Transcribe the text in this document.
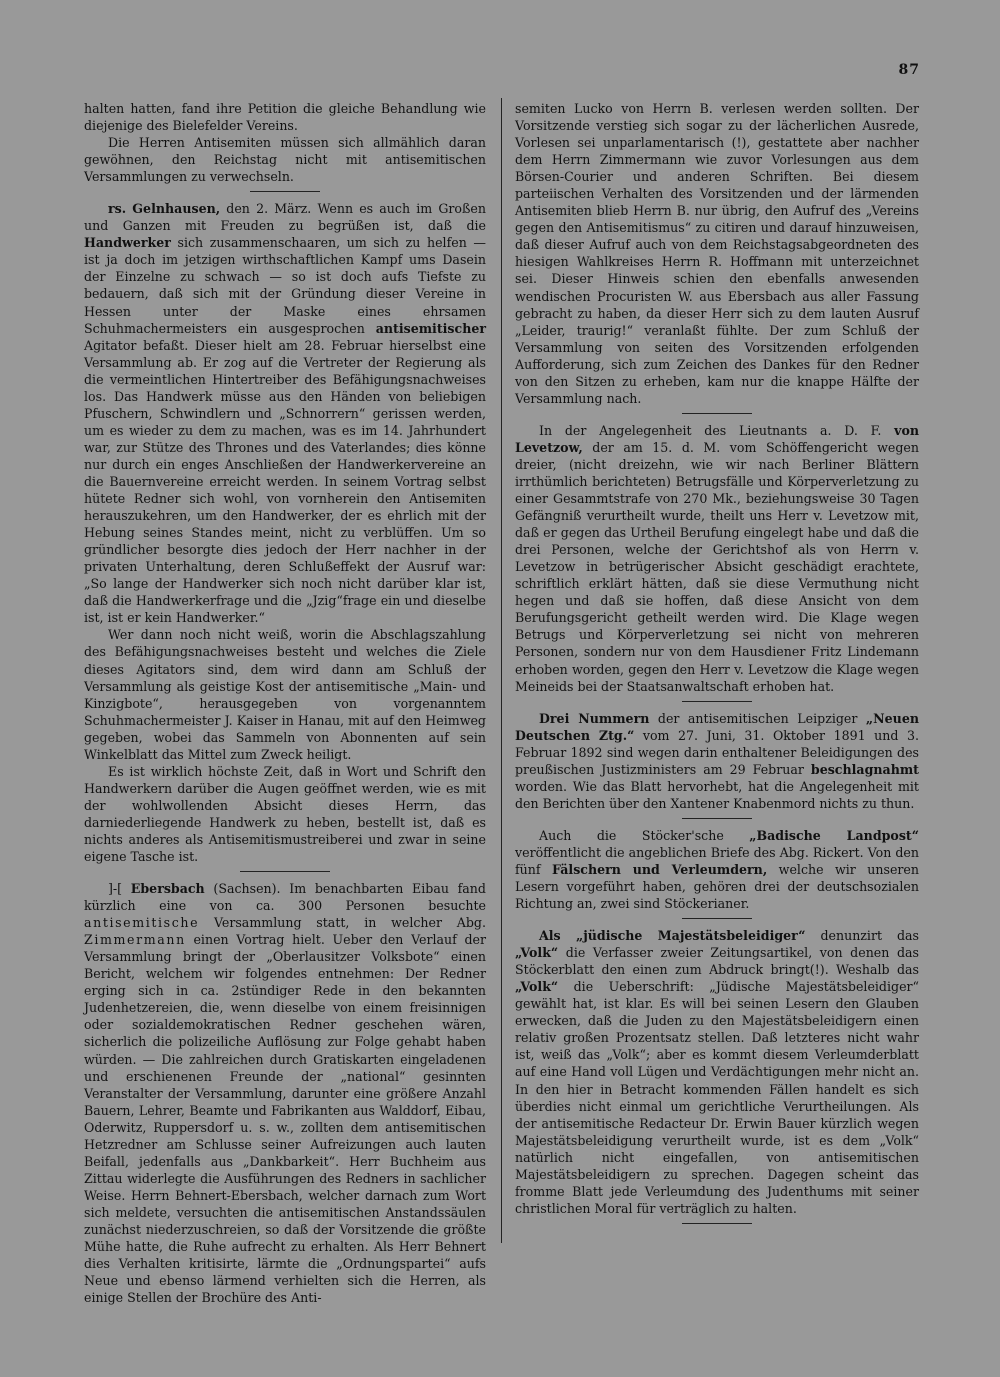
87

halten hatten, fand ihre Petition die gleiche Behandlung wie diejenige des Bielefelder Vereins.

Die Herren Antisemiten müssen sich allmählich daran gewöhnen, den Reichstag nicht mit antisemitischen Versammlungen zu verwechseln.

rs. Gelnhausen, den 2. März. Wenn es auch im Großen und Ganzen mit Freuden zu begrüßen ist, daß die Handwerker sich zusammenschaaren, um sich zu helfen — ist ja doch im jetzigen wirthschaftlichen Kampf ums Dasein der Einzelne zu schwach — so ist doch aufs Tiefste zu bedauern, daß sich mit der Gründung dieser Vereine in Hessen unter der Maske eines ehrsamen Schuhmachermeisters ein ausgesprochen antisemitischer Agitator befaßt. Dieser hielt am 28. Februar hierselbst eine Versammlung ab. Er zog auf die Vertreter der Regierung als die vermeintlichen Hintertreiber des Befähigungsnachweises los. Das Handwerk müsse aus den Händen von beliebigen Pfuschern, Schwindlern und „Schnorrern“ gerissen werden, um es wieder zu dem zu machen, was es im 14. Jahrhundert war, zur Stütze des Thrones und des Vaterlandes; dies könne nur durch ein enges Anschließen der Handwerkervereine an die Bauernvereine erreicht werden. In seinem Vortrag selbst hütete Redner sich wohl, von vornherein den Antisemiten herauszukehren, um den Handwerker, der es ehrlich mit der Hebung seines Standes meint, nicht zu verblüffen. Um so gründlicher besorgte dies jedoch der Herr nachher in der privaten Unterhaltung, deren Schlußeffekt der Ausruf war: „So lange der Handwerker sich noch nicht darüber klar ist, daß die Handwerkerfrage und die „Jzig“frage ein und dieselbe ist, ist er kein Handwerker.“

Wer dann noch nicht weiß, worin die Abschlagszahlung des Befähigungsnachweises besteht und welches die Ziele dieses Agitators sind, dem wird dann am Schluß der Versammlung als geistige Kost der antisemitische „Main- und Kinzigbote“, herausgegeben von vorgenanntem Schuhmachermeister J. Kaiser in Hanau, mit auf den Heimweg gegeben, wobei das Sammeln von Abonnenten auf sein Winkelblatt das Mittel zum Zweck heiligt.

Es ist wirklich höchste Zeit, daß in Wort und Schrift den Handwerkern darüber die Augen geöffnet werden, wie es mit der wohlwollenden Absicht dieses Herrn, das darniederliegende Handwerk zu heben, bestellt ist, daß es nichts anderes als Antisemitismustreiberei und zwar in seine eigene Tasche ist.

]-[ Ebersbach (Sachsen). Im benachbarten Eibau fand kürzlich eine von ca. 300 Personen besuchte antisemitische Versammlung statt, in welcher Abg. Zimmermann einen Vortrag hielt. Ueber den Verlauf der Versammlung bringt der „Oberlausitzer Volksbote“ einen Bericht, welchem wir folgendes entnehmen: Der Redner erging sich in ca. 2stündiger Rede in den bekannten Judenhetzereien, die, wenn dieselbe von einem freisinnigen oder sozialdemokratischen Redner geschehen wären, sicherlich die polizeiliche Auflösung zur Folge gehabt haben würden. — Die zahlreichen durch Gratiskarten eingeladenen und erschienenen Freunde der „national“ gesinnten Veranstalter der Versammlung, darunter eine größere Anzahl Bauern, Lehrer, Beamte und Fabrikanten aus Walddorf, Eibau, Oderwitz, Ruppersdorf u. s. w., zollten dem antisemitischen Hetzredner am Schlusse seiner Aufreizungen auch lauten Beifall, jedenfalls aus „Dankbarkeit“. Herr Buchheim aus Zittau widerlegte die Ausführungen des Redners in sachlicher Weise. Herrn Behnert-Ebersbach, welcher darnach zum Wort sich meldete, versuchten die antisemitischen Anstandssäulen zunächst niederzuschreien, so daß der Vorsitzende die größte Mühe hatte, die Ruhe aufrecht zu erhalten. Als Herr Behnert dies Verhalten kritisirte, lärmte die „Ordnungspartei“ aufs Neue und ebenso lärmend verhielten sich die Herren, als einige Stellen der Brochüre des Anti-

semiten Lucko von Herrn B. verlesen werden sollten. Der Vorsitzende verstieg sich sogar zu der lächerlichen Ausrede, Vorlesen sei unparlamentarisch (!), gestattete aber nachher dem Herrn Zimmermann wie zuvor Vorlesungen aus dem Börsen-Courier und anderen Schriften. Bei diesem parteiischen Verhalten des Vorsitzenden und der lärmenden Antisemiten blieb Herrn B. nur übrig, den Aufruf des „Vereins gegen den Antisemitismus“ zu citiren und darauf hinzuweisen, daß dieser Aufruf auch von dem Reichstagsabgeordneten des hiesigen Wahlkreises Herrn R. Hoffmann mit unterzeichnet sei. Dieser Hinweis schien den ebenfalls anwesenden wendischen Procuristen W. aus Ebersbach aus aller Fassung gebracht zu haben, da dieser Herr sich zu dem lauten Ausruf „Leider, traurig!“ veranlaßt fühlte. Der zum Schluß der Versammlung von seiten des Vorsitzenden erfolgenden Aufforderung, sich zum Zeichen des Dankes für den Redner von den Sitzen zu erheben, kam nur die knappe Hälfte der Versammlung nach.

In der Angelegenheit des Lieutnants a. D. F. von Levetzow, der am 15. d. M. vom Schöffengericht wegen dreier, (nicht dreizehn, wie wir nach Berliner Blättern irrthümlich berichteten) Betrugsfälle und Körperverletzung zu einer Gesammtstrafe von 270 Mk., beziehungsweise 30 Tagen Gefängniß verurtheilt wurde, theilt uns Herr v. Levetzow mit, daß er gegen das Urtheil Berufung eingelegt habe und daß die drei Personen, welche der Gerichtshof als von Herrn v. Levetzow in betrügerischer Absicht geschädigt erachtete, schriftlich erklärt hätten, daß sie diese Vermuthung nicht hegen und daß sie hoffen, daß diese Ansicht von dem Berufungsgericht getheilt werden wird. Die Klage wegen Betrugs und Körperverletzung sei nicht von mehreren Personen, sondern nur von dem Hausdiener Fritz Lindemann erhoben worden, gegen den Herr v. Levetzow die Klage wegen Meineids bei der Staatsanwaltschaft erhoben hat.

Drei Nummern der antisemitischen Leipziger „Neuen Deutschen Ztg.“ vom 27. Juni, 31. Oktober 1891 und 3. Februar 1892 sind wegen darin enthaltener Beleidigungen des preußischen Justizministers am 29 Februar beschlagnahmt worden. Wie das Blatt hervorhebt, hat die Angelegenheit mit den Berichten über den Xantener Knabenmord nichts zu thun.

Auch die Stöcker'sche „Badische Landpost“ veröffentlicht die angeblichen Briefe des Abg. Rickert. Von den fünf Fälschern und Verleumdern, welche wir unseren Lesern vorgeführt haben, gehören drei der deutschsozialen Richtung an, zwei sind Stöckerianer.

Als „jüdische Majestätsbeleidiger“ denunzirt das „Volk“ die Verfasser zweier Zeitungsartikel, von denen das Stöckerblatt den einen zum Abdruck bringt(!). Weshalb das „Volk“ die Ueberschrift: „Jüdische Majestätsbeleidiger“ gewählt hat, ist klar. Es will bei seinen Lesern den Glauben erwecken, daß die Juden zu den Majestätsbeleidigern einen relativ großen Prozentsatz stellen. Daß letzteres nicht wahr ist, weiß das „Volk“; aber es kommt diesem Verleumderblatt auf eine Hand voll Lügen und Verdächtigungen mehr nicht an. In den hier in Betracht kommenden Fällen handelt es sich überdies nicht einmal um gerichtliche Verurtheilungen. Als der antisemitische Redacteur Dr. Erwin Bauer kürzlich wegen Majestätsbeleidigung verurtheilt wurde, ist es dem „Volk“ natürlich nicht eingefallen, von antisemitischen Majestätsbeleidigern zu sprechen. Dagegen scheint das fromme Blatt jede Verleumdung des Judenthums mit seiner christlichen Moral für verträglich zu halten.
